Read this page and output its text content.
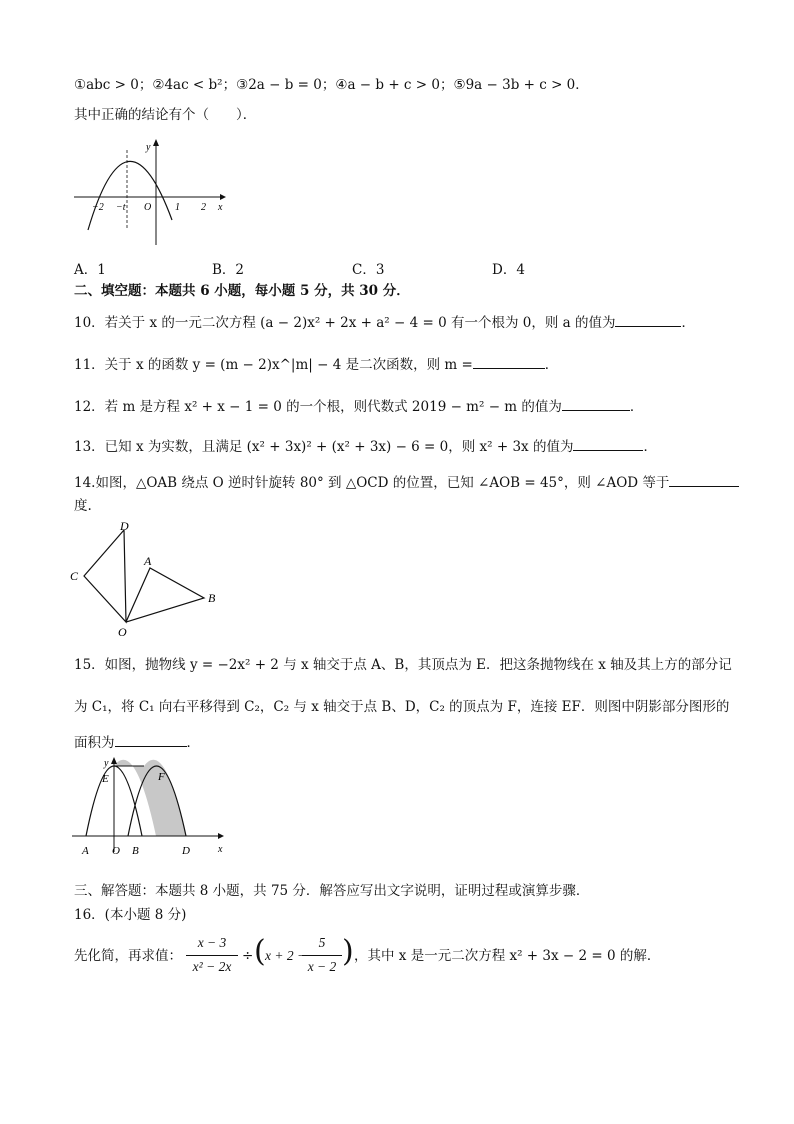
①abc > 0；②4ac < b²；③2a − b = 0；④a − b + c > 0；⑤9a − 3b + c > 0．
其中正确的结论有个（　　）．
y
x
O
−2 −t	1 2
A．1	B．2	C．3	D．4
二、填空题：本题共 6 小题，每小题 5 分，共 30 分．
10．若关于 x 的一元二次方程 (a − 2)x² + 2x + a² − 4 = 0 有一个根为 0，则 a 的值为	．
11．关于 x 的函数 y = (m − 2)x^|m| − 4 是二次函数，则 m =	．
12．若 m 是方程 x² + x − 1 = 0 的一个根，则代数式 2019 − m² − m 的值为	．
13．已知 x 为实数，且满足 (x² + 3x)² + (x² + 3x) − 6 = 0，则 x² + 3x 的值为	．
14.如图，△OAB 绕点 O 逆时针旋转 80° 到 △OCD 的位置，已知 ∠AOB = 45°，则 ∠AOD 等于
度.
D
A
C
B
O
15．如图，抛物线 y = −2x² + 2 与 x 轴交于点 A、B，其顶点为 E．把这条抛物线在 x 轴及其上方的部分记
为 C₁，将 C₁ 向右平移得到 C₂，C₂ 与 x 轴交于点 B、D，C₂ 的顶点为 F，连接 EF．则图中阴影部分图形的
面积为	．
y
E	F
A O B	D	x
三、解答题：本题共 8 小题，共 75 分．解答应写出文字说明，证明过程或演算步骤．
16．(本小题 8 分)
先化简，再求值：
x − 3
x² − 2x
÷ ( x + 2 −
5
x − 2 ) ，其中 x 是一元二次方程 x² + 3x − 2 = 0 的解．
